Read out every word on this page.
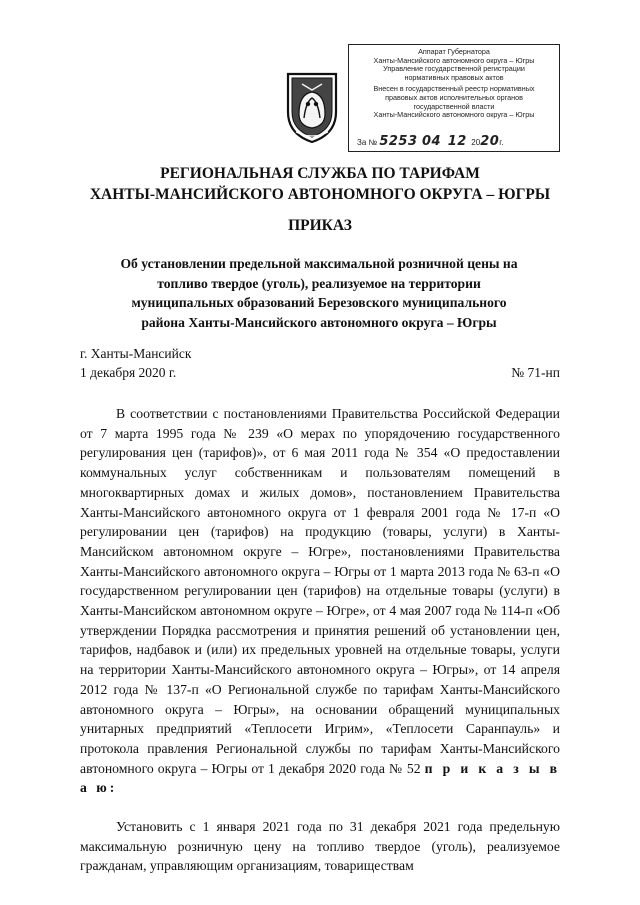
Аппарат Губернатора
Ханты-Мансийского автономного округа – Югры
Управление государственной регистрации
нормативных правовых актов
Внесен в государственный реестр нормативных
правовых актов исполнительных органов
государственной власти
Ханты-Мансийского автономного округа – Югры
За № 5253 04 12 2020г.
РЕГИОНАЛЬНАЯ СЛУЖБА ПО ТАРИФАМ
ХАНТЫ-МАНСИЙСКОГО АВТОНОМНОГО ОКРУГА – ЮГРЫ
ПРИКАЗ
Об установлении предельной максимальной розничной цены на
топливо твердое (уголь), реализуемое на территории
муниципальных образований Березовского муниципального
района Ханты-Мансийского автономного округа – Югры
г. Ханты-Мансийск
1 декабря 2020 г.	№ 71-нп

В соответствии с постановлениями Правительства Российской Федерации от 7 марта 1995 года № 239 «О мерах по упорядочению государственного регулирования цен (тарифов)», от 6 мая 2011 года № 354 «О предоставлении коммунальных услуг собственникам и пользователям помещений в многоквартирных домах и жилых домов», постановлением Правительства Ханты-Мансийского автономного округа от 1 февраля 2001 года № 17-п «О регулировании цен (тарифов) на продукцию (товары, услуги) в Ханты-Мансийском автономном округе – Югре», постановлениями Правительства Ханты-Мансийского автономного округа – Югры от 1 марта 2013 года № 63-п «О государственном регулировании цен (тарифов) на отдельные товары (услуги) в Ханты-Мансийском автономном округе – Югре», от 4 мая 2007 года № 114-п «Об утверждении Порядка рассмотрения и принятия решений об установлении цен, тарифов, надбавок и (или) их предельных уровней на отдельные товары, услуги на территории Ханты-Мансийского автономного округа – Югры», от 14 апреля 2012 года № 137-п «О Региональной службе по тарифам Ханты-Мансийского автономного округа – Югры», на основании обращений муниципальных унитарных предприятий «Теплосети Игрим», «Теплосети Саранпауль» и протокола правления Региональной службы по тарифам Ханты-Мансийского автономного округа – Югры от 1 декабря 2020 года № 52 п р и к а з ы в а ю:

Установить с 1 января 2021 года по 31 декабря 2021 года предельную максимальную розничную цену на топливо твердое (уголь), реализуемое гражданам, управляющим организациям, товариществам
